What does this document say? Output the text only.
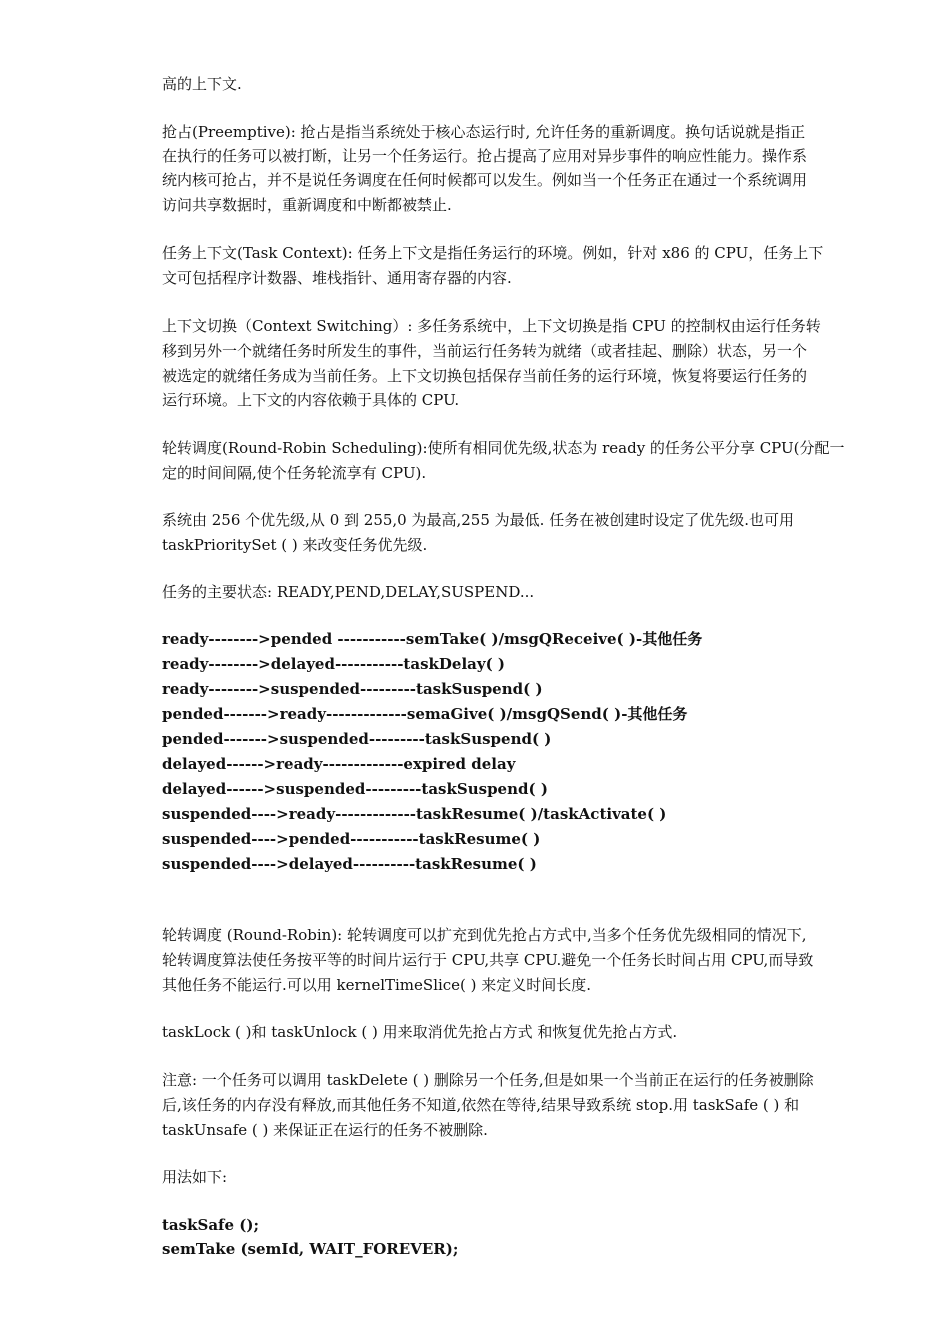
高的上下文.
抢占(Preemptive): 抢占是指当系统处于核心态运行时, 允许任务的重新调度。换句话说就是指正
在执行的任务可以被打断，让另一个任务运行。抢占提高了应用对异步事件的响应性能力。操作系
统内核可抢占，并不是说任务调度在任何时候都可以发生。例如当一个任务正在通过一个系统调用
访问共享数据时，重新调度和中断都被禁止.
任务上下文(Task Context): 任务上下文是指任务运行的环境。例如，针对 x86 的 CPU，任务上下
文可包括程序计数器、堆栈指针、通用寄存器的内容.
上下文切换（Context Switching）: 多任务系统中，上下文切换是指 CPU 的控制权由运行任务转
移到另外一个就绪任务时所发生的事件，当前运行任务转为就绪（或者挂起、删除）状态，另一个
被选定的就绪任务成为当前任务。上下文切换包括保存当前任务的运行环境，恢复将要运行任务的
运行环境。上下文的内容依赖于具体的 CPU.
轮转调度(Round-Robin Scheduling):使所有相同优先级,状态为 ready 的任务公平分享 CPU(分配一
定的时间间隔,使个任务轮流享有 CPU).
系统由 256 个优先级,从 0 到 255,0 为最高,255 为最低. 任务在被创建时设定了优先级.也可用
taskPrioritySet ( ) 来改变任务优先级.
任务的主要状态: READY,PEND,DELAY,SUSPEND...
ready-------->pended -----------semTake( )/msgQReceive( )-其他任务
ready-------->delayed-----------taskDelay( )
ready-------->suspended---------taskSuspend( )
pended------->ready-------------semaGive( )/msgQSend( )-其他任务
pended------->suspended---------taskSuspend( )
delayed------>ready-------------expired delay
delayed------>suspended---------taskSuspend( )
suspended---->ready-------------taskResume( )/taskActivate( )
suspended---->pended-----------taskResume( )
suspended---->delayed----------taskResume( )
轮转调度 (Round-Robin): 轮转调度可以扩充到优先抢占方式中,当多个任务优先级相同的情况下,
轮转调度算法使任务按平等的时间片运行于 CPU,共享 CPU.避免一个任务长时间占用 CPU,而导致
其他任务不能运行.可以用 kernelTimeSlice( ) 来定义时间长度.
taskLock ( )和 taskUnlock ( ) 用来取消优先抢占方式 和恢复优先抢占方式.
注意: 一个任务可以调用 taskDelete ( ) 删除另一个任务,但是如果一个当前正在运行的任务被删除
后,该任务的内存没有释放,而其他任务不知道,依然在等待,结果导致系统 stop.用 taskSafe ( ) 和
taskUnsafe ( ) 来保证正在运行的任务不被删除.
用法如下:
taskSafe ();
semTake (semId, WAIT_FOREVER);
